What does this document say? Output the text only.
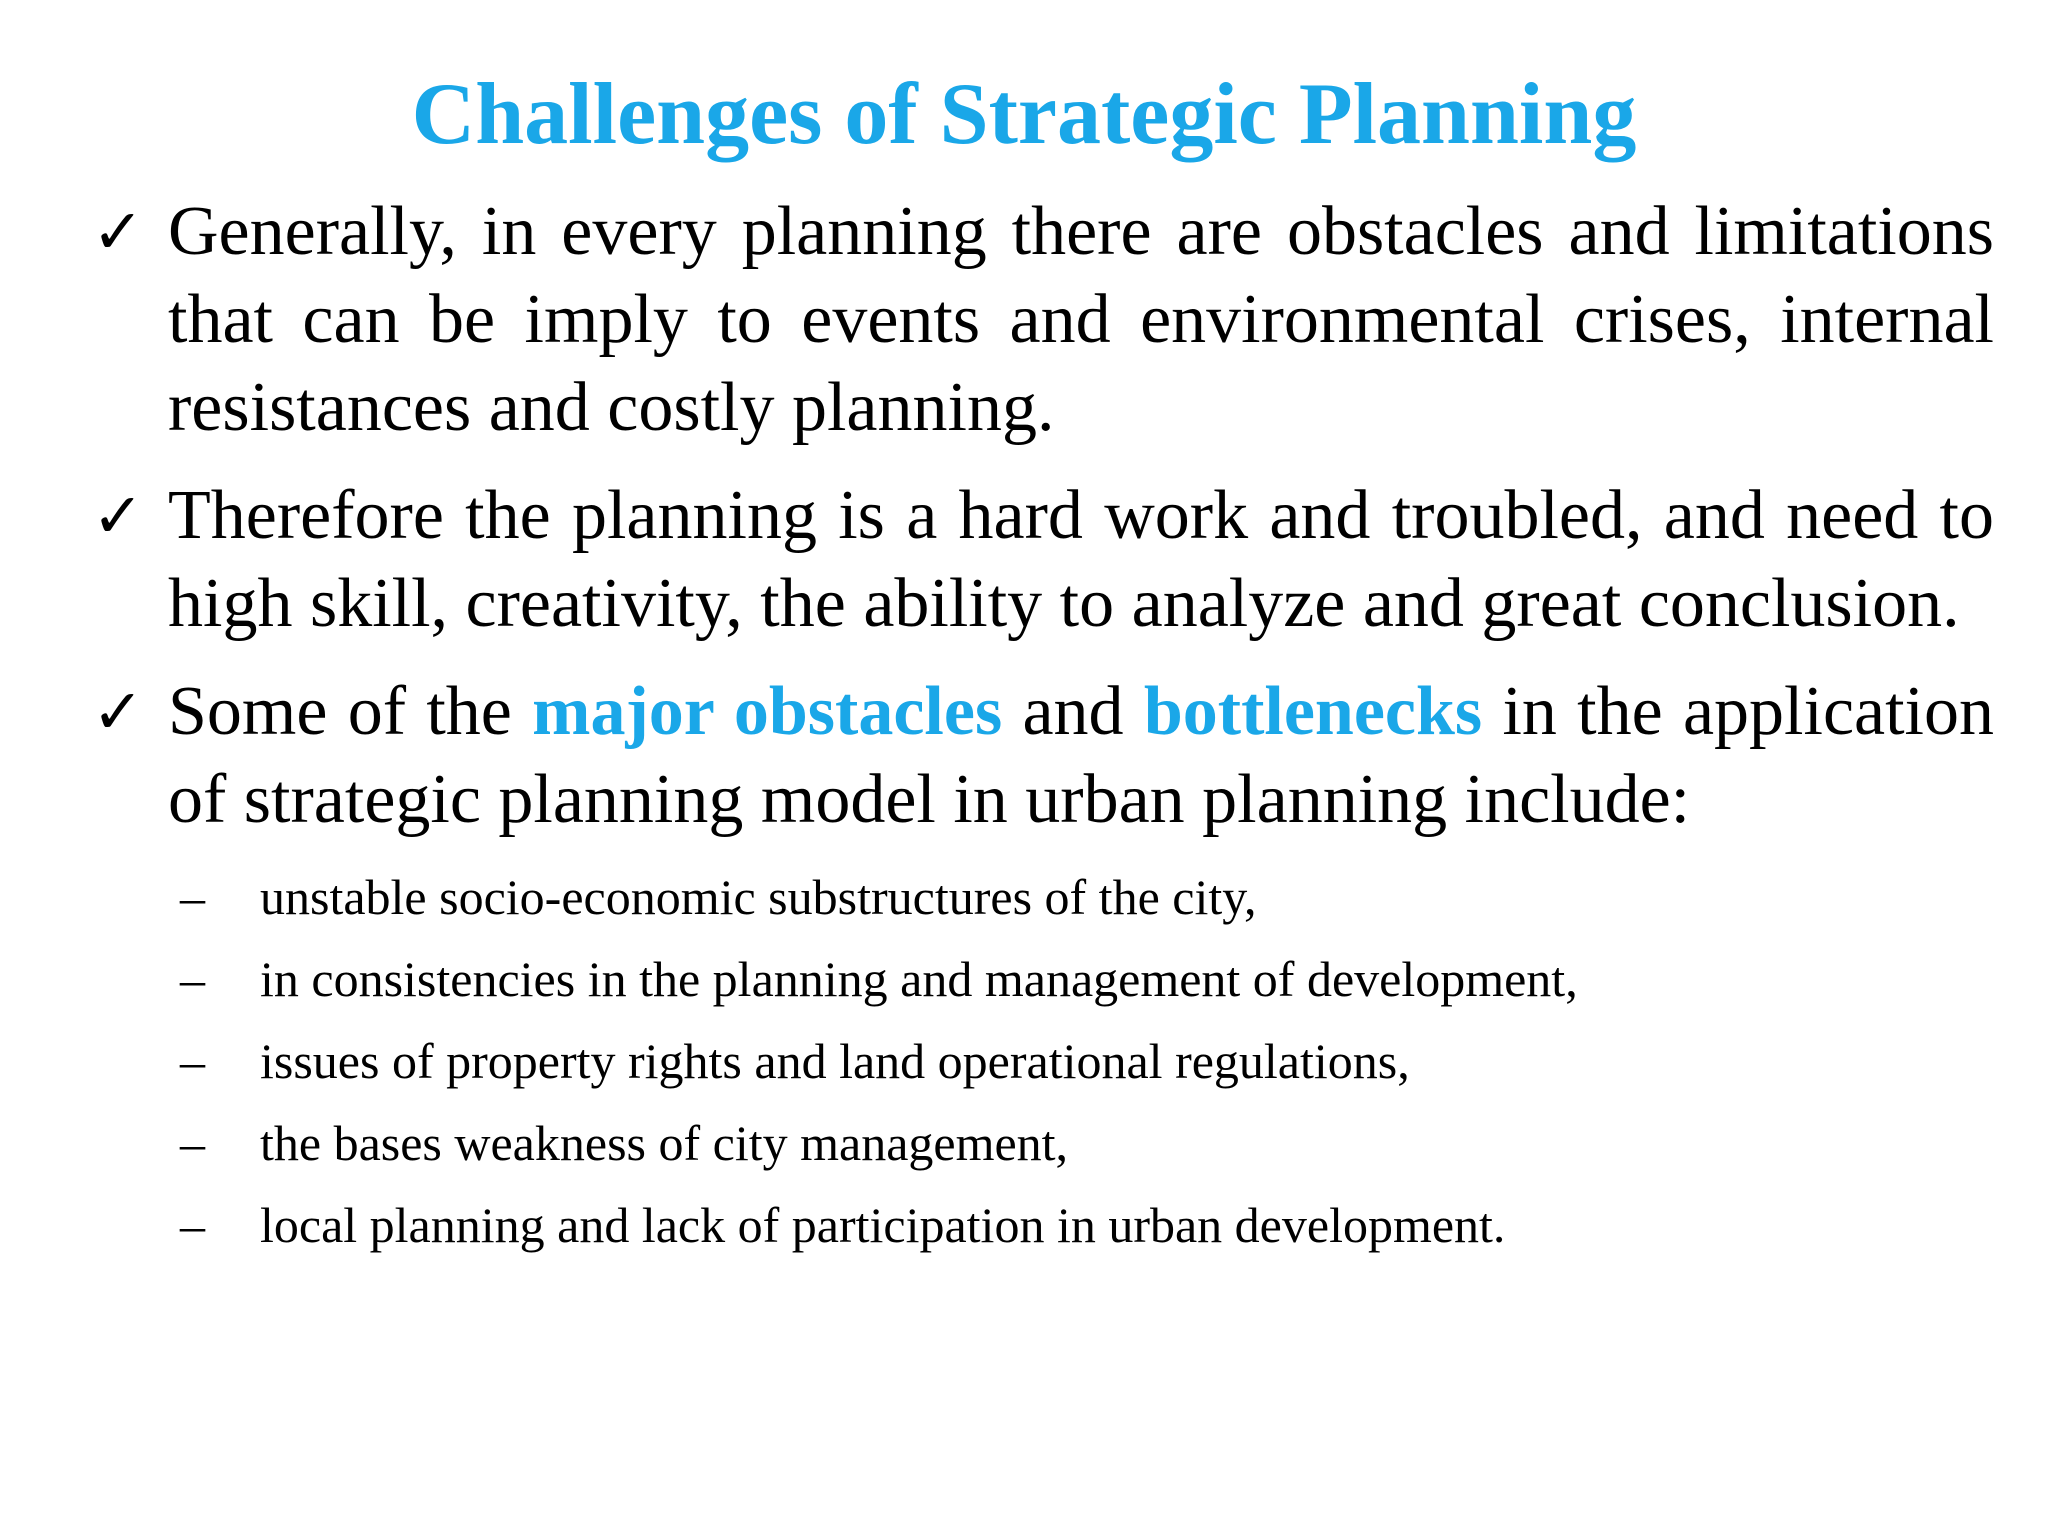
Challenges of Strategic Planning
✓ Generally, in every planning there are obstacles and limitations that can be imply to events and environmental crises, internal resistances and costly planning.
✓ Therefore the planning is a hard work and troubled, and need to high skill, creativity, the ability to analyze and great conclusion.
✓ Some of the major obstacles and bottlenecks in the application of strategic planning model in urban planning include:
– unstable socio-economic substructures of the city,
– in consistencies in the planning and management of development,
– issues of property rights and land operational regulations,
– the bases weakness of city management,
– local planning and lack of participation in urban development.
